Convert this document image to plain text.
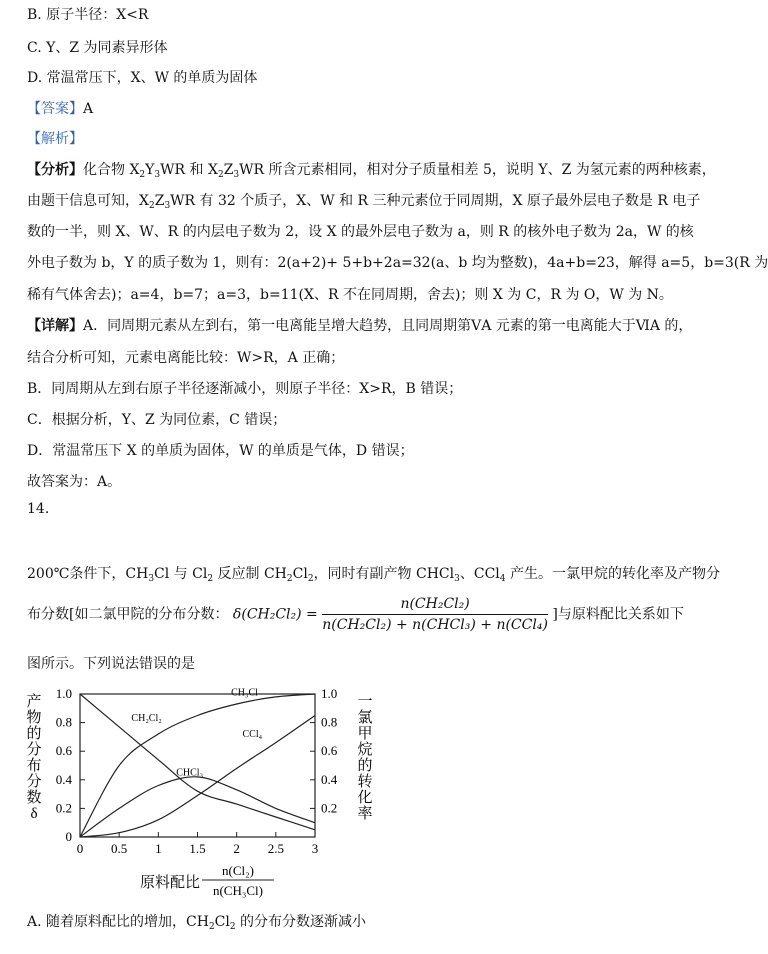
B. 原子半径：X<R
C. Y、Z 为同素异形体
D. 常温常压下，X、W 的单质为固体
【答案】A
【解析】
【分析】化合物 $X_2Y_3WR$ 和 $X_2Z_3WR$ 所含元素相同，相对分子质量相差 5，说明 Y、Z 为氢元素的两种核素，
由题干信息可知，$X_2Z_3WR$ 有 32 个质子，X、W 和 R 三种元素位于同周期，X 原子最外层电子数是 R 电子
数的一半，则 X、W、R 的内层电子数为 2，设 X 的最外层电子数为 a，则 R 的核外电子数为 2a，W 的核
外电子数为 b，Y 的质子数为 1，则有：2(a+2)+ 5+b+2a=32(a、b 均为整数)，4a+b=23，解得 a=5，b=3(R 为
稀有气体舍去)；a=4，b=7；a=3，b=11(X、R 不在同周期，舍去)；则 X 为 C，R 为 O，W 为 N。
【详解】A．同周期元素从左到右，第一电离能呈增大趋势，且同周期第ⅤA 元素的第一电离能大于ⅥA 的，
结合分析可知，元素电离能比较：W>R，A 正确；
B．同周期从左到右原子半径逐渐减小，则原子半径：X>R，B 错误；
C．根据分析，Y、Z 为同位素，C 错误；
D．常温常压下 X 的单质为固体，W 的单质是气体，D 错误；
故答案为：A。
14.
200℃条件下，$CH_3Cl$ 与 $Cl_2$ 反应制 $CH_2Cl_2$，同时有副产物 CHCl$_3$、CCl$_4$ 产生。一氯甲烷的转化率及产物分
布分数[如二氯甲院的分布分数： $\delta(CH_2Cl_2) = \frac{\text{n(CH₂Cl₂)}}{\text{n(CH₂Cl₂) + n(CHCl₃) + n(CCl₄)}}$ ]与原料配比关系如下
图所示。下列说法错误的是
0
0.2	0.2
0.4	0.4
0.6	0.6
0.8	0.8
1.0	1.0
0 0.5 1 1.5 2 2.5 3
CH₂Cl₂
CH₃Cl
CCl₄
CHCl₃
产
物
的
分
布
分
数
δ
一
氯
甲
烷
的
转
化
率
原料配比
n(Cl₂)
n(CH₃Cl)
A. 随着原料配比的增加，$CH_2Cl_2$ 的分布分数逐渐减小
